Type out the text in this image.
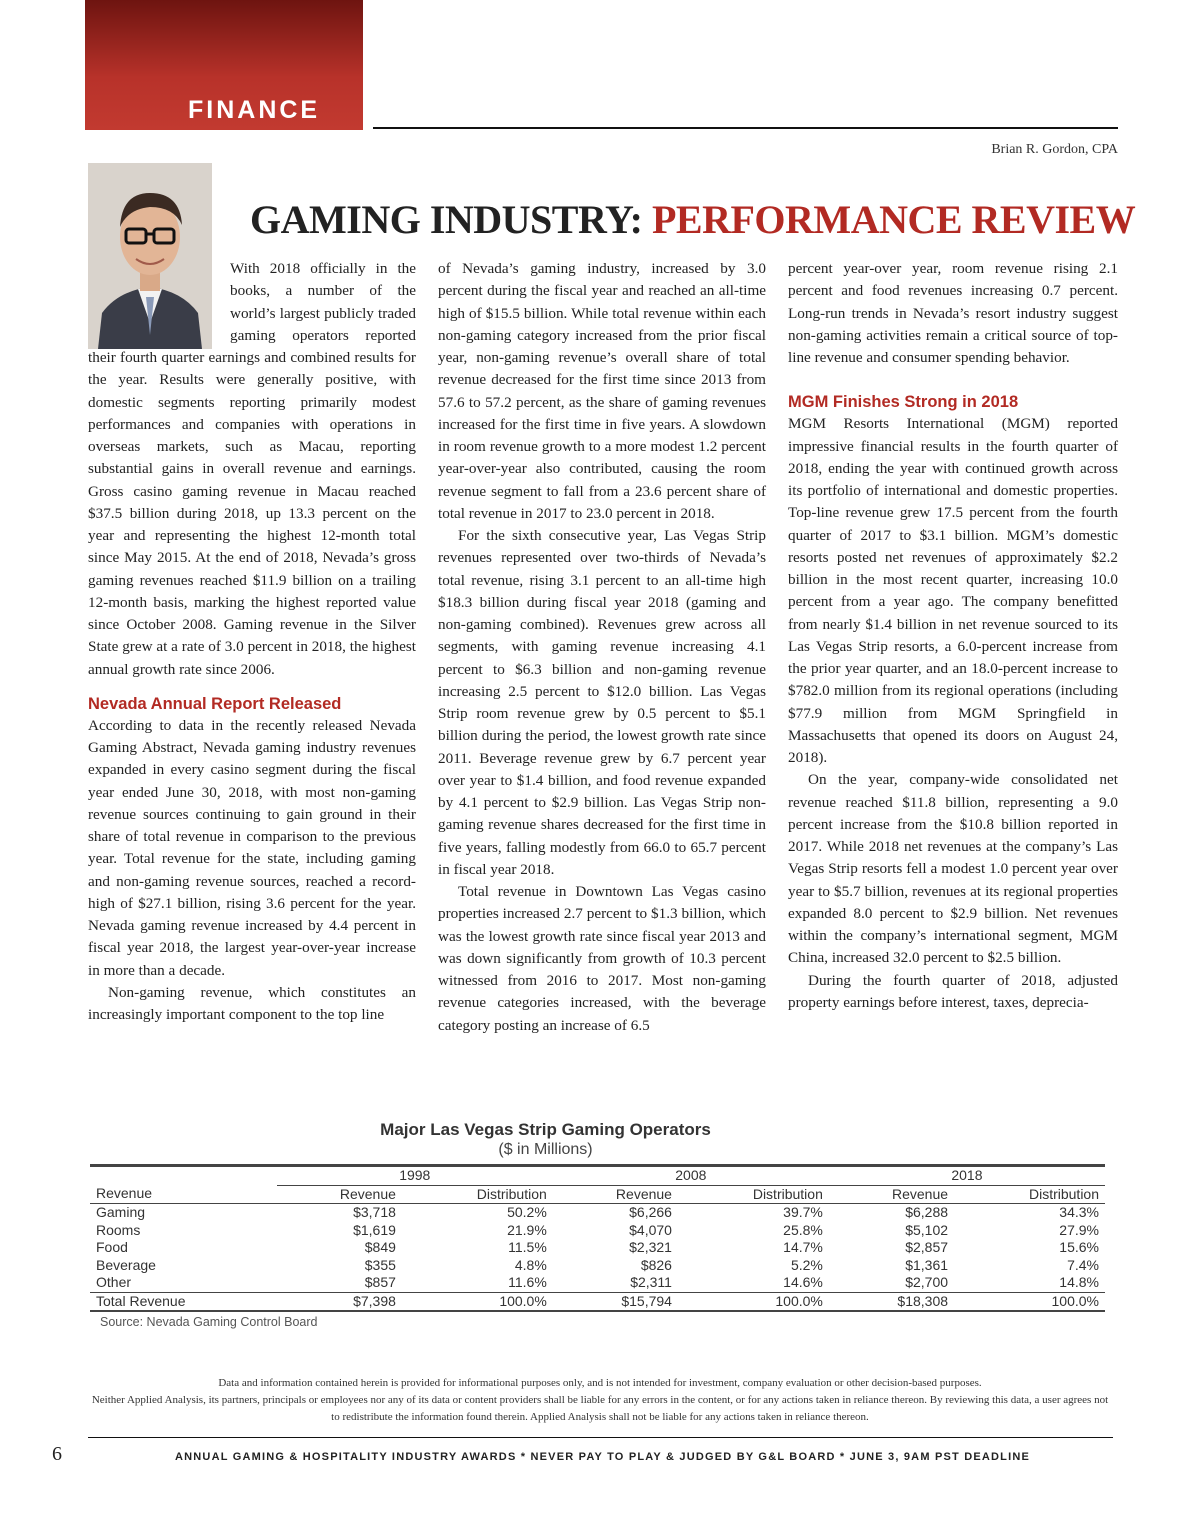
FINANCE
Brian R. Gordon, CPA
GAMING INDUSTRY: PERFORMANCE REVIEW

With 2018 officially in the books, a number of the world’s largest publicly traded gaming operators reported their fourth quarter earnings and combined results for the year. Results were generally positive, with domestic segments reporting primarily modest performances and companies with operations in overseas markets, such as Macau, reporting substantial gains in overall revenue and earnings. Gross casino gaming revenue in Macau reached $37.5 billion during 2018, up 13.3 percent on the year and representing the highest 12-month total since May 2015. At the end of 2018, Nevada’s gross gaming revenues reached $11.9 billion on a trailing 12-month basis, marking the highest reported value since October 2008. Gaming revenue in the Silver State grew at a rate of 3.0 percent in 2018, the highest annual growth rate since 2006.

Nevada Annual Report Released

According to data in the recently released Nevada Gaming Abstract, Nevada gaming industry revenues expanded in every casino segment during the fiscal year ended June 30, 2018, with most non-gaming revenue sources continuing to gain ground in their share of total revenue in comparison to the previous year. Total revenue for the state, including gaming and non-gaming revenue sources, reached a record-high of $27.1 billion, rising 3.6 percent for the year. Nevada gaming revenue increased by 4.4 percent in fiscal year 2018, the largest year-over-year increase in more than a decade.

Non-gaming revenue, which constitutes an increasingly important component to the top line

of Nevada’s gaming industry, increased by 3.0 percent during the fiscal year and reached an all-time high of $15.5 billion. While total revenue within each non-gaming category increased from the prior fiscal year, non-gaming revenue’s overall share of total revenue decreased for the first time since 2013 from 57.6 to 57.2 percent, as the share of gaming revenues increased for the first time in five years. A slowdown in room revenue growth to a more modest 1.2 percent year-over-year also contributed, causing the room revenue segment to fall from a 23.6 percent share of total revenue in 2017 to 23.0 percent in 2018.

For the sixth consecutive year, Las Vegas Strip revenues represented over two-thirds of Nevada’s total revenue, rising 3.1 percent to an all-time high $18.3 billion during fiscal year 2018 (gaming and non-gaming combined). Revenues grew across all segments, with gaming revenue increasing 4.1 percent to $6.3 billion and non-gaming revenue increasing 2.5 percent to $12.0 billion. Las Vegas Strip room revenue grew by 0.5 percent to $5.1 billion during the period, the lowest growth rate since 2011. Beverage revenue grew by 6.7 percent year over year to $1.4 billion, and food revenue expanded by 4.1 percent to $2.9 billion. Las Vegas Strip non-gaming revenue shares decreased for the first time in five years, falling modestly from 66.0 to 65.7 percent in fiscal year 2018.

Total revenue in Downtown Las Vegas casino properties increased 2.7 percent to $1.3 billion, which was the lowest growth rate since fiscal year 2013 and was down significantly from growth of 10.3 percent witnessed from 2016 to 2017. Most non-gaming revenue categories increased, with the beverage category posting an increase of 6.5

percent year-over year, room revenue rising 2.1 percent and food revenues increasing 0.7 percent. Long-run trends in Nevada’s resort industry suggest non-gaming activities remain a critical source of top-line revenue and consumer spending behavior.

MGM Finishes Strong in 2018

MGM Resorts International (MGM) reported impressive financial results in the fourth quarter of 2018, ending the year with continued growth across its portfolio of international and domestic properties. Top-line revenue grew 17.5 percent from the fourth quarter of 2017 to $3.1 billion. MGM’s domestic resorts posted net revenues of approximately $2.2 billion in the most recent quarter, increasing 10.0 percent from a year ago. The company benefitted from nearly $1.4 billion in net revenue sourced to its Las Vegas Strip resorts, a 6.0-percent increase from the prior year quarter, and an 18.0-percent increase to $782.0 million from its regional operations (including $77.9 million from MGM Springfield in Massachusetts that opened its doors on August 24, 2018).

On the year, company-wide consolidated net revenue reached $11.8 billion, representing a 9.0 percent increase from the $10.8 billion reported in 2017. While 2018 net revenues at the company’s Las Vegas Strip resorts fell a modest 1.0 percent year over year to $5.7 billion, revenues at its regional properties expanded 8.0 percent to $2.9 billion. Net revenues within the company’s international segment, MGM China, increased 32.0 percent to $2.5 billion.

During the fourth quarter of 2018, adjusted property earnings before interest, taxes, deprecia-

Major Las Vegas Strip Gaming Operators
($ in Millions)
	1998		2008		2018	
Revenue	Revenue	Distribution	Revenue	Distribution	Revenue	Distribution
Gaming	$3,718	50.2%	$6,266	39.7%	$6,288	34.3%
Rooms	$1,619	21.9%	$4,070	25.8%	$5,102	27.9%
Food	$849	11.5%	$2,321	14.7%	$2,857	15.6%
Beverage	$355	4.8%	$826	5.2%	$1,361	7.4%
Other	$857	11.6%	$2,311	14.6%	$2,700	14.8%
Total Revenue	$7,398	100.0%	$15,794	100.0%	$18,308	100.0%
Source: Nevada Gaming Control Board
Data and information contained herein is provided for informational purposes only, and is not intended for investment, company evaluation or other decision-based purposes.
Neither Applied Analysis, its partners, principals or employees nor any of its data or content providers shall be liable for any errors in the content, or for any actions taken in reliance thereon. By reviewing this data, a user agrees not to redistribute the information found therein. Applied Analysis shall not be liable for any actions taken in reliance thereon.
6	ANNUAL GAMING & HOSPITALITY INDUSTRY AWARDS * NEVER PAY TO PLAY & JUDGED BY G&L BOARD * JUNE 3, 9AM PST DEADLINE
